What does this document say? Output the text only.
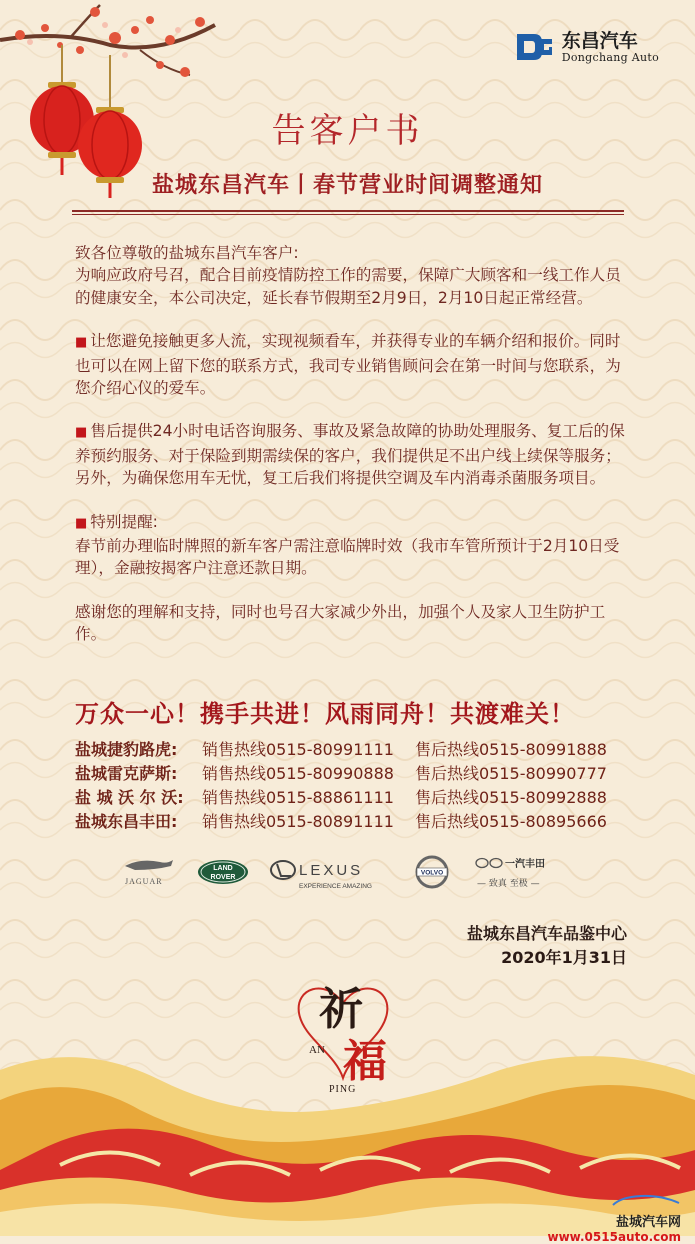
东昌汽车
Dongchang Auto
告客户书
盐城东昌汽车丨春节营业时间调整通知

致各位尊敬的盐城东昌汽车客户:
为响应政府号召，配合目前疫情防控工作的需要，保障广大顾客和一线工作人员的健康安全，本公司决定，延长春节假期至2月9日，2月10日起正常经营。

■ 让您避免接触更多人流，实现视频看车，并获得专业的车辆介绍和报价。同时也可以在网上留下您的联系方式，我司专业销售顾问会在第一时间与您联系，为您介绍心仪的爱车。

■ 售后提供24小时电话咨询服务、事故及紧急故障的协助处理服务、复工后的保养预约服务、对于保险到期需续保的客户，我们提供足不出户线上续保等服务；另外，为确保您用车无忧，复工后我们将提供空调及车内消毒杀菌服务项目。

■ 特别提醒:
春节前办理临时牌照的新车客户需注意临牌时效（我市车管所预计于2月10日受理），金融按揭客户注意还款日期。

感谢您的理解和支持，同时也号召大家减少外出，加强个人及家人卫生防护工作。

万众一心！携手共进！风雨同舟！共渡难关！
盐城捷豹路虎:	销售热线0515-80991111	售后热线0515-80991888
盐城雷克萨斯:	销售热线0515-80990888	售后热线0515-80990777
盐 城 沃 尔 沃:	销售热线0515-88861111	售后热线0515-80992888
盐城东昌丰田:	销售热线0515-80891111	售后热线0515-80895666
JAGUAR
LAND
ROVER	LEXUS
EXPERIENCE AMAZING
VOLVO
一汽丰田
— 致真 至极 —
盐城东昌汽车品鉴中心
2020年1月31日
祈
福
AN
PING
盐城汽车网
www.0515auto.com
